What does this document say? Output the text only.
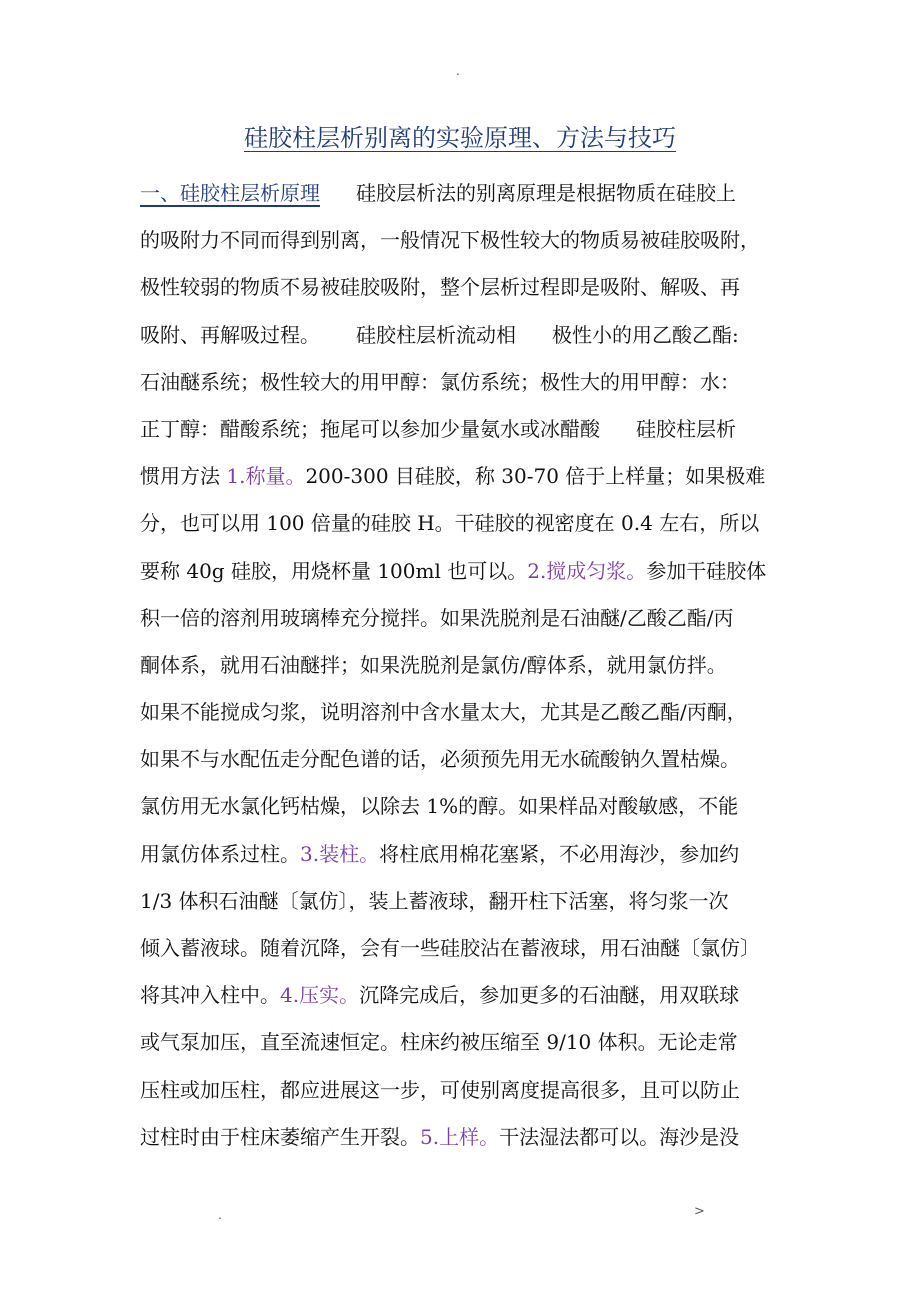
.
硅胶柱层析别离的实验原理、方法与技巧
一、硅胶柱层析原理 硅胶层析法的别离原理是根据物质在硅胶上
的吸附力不同而得到别离，一般情况下极性较大的物质易被硅胶吸附，
极性较弱的物质不易被硅胶吸附，整个层析过程即是吸附、解吸、再
吸附、再解吸过程。 硅胶柱层析流动相 极性小的用乙酸乙酯:
石油醚系统；极性较大的用甲醇：氯仿系统；极性大的用甲醇：水：
正丁醇：醋酸系统；拖尾可以参加少量氨水或冰醋酸 硅胶柱层析
惯用方法 1.称量。200-300 目硅胶，称 30-70 倍于上样量；如果极难
分，也可以用 100 倍量的硅胶 H。干硅胶的视密度在 0.4 左右，所以
要称 40g 硅胶，用烧杯量 100ml 也可以。2.搅成匀浆。参加干硅胶体
积一倍的溶剂用玻璃棒充分搅拌。如果洗脱剂是石油醚/乙酸乙酯/丙
酮体系，就用石油醚拌；如果洗脱剂是氯仿/醇体系，就用氯仿拌。
如果不能搅成匀浆，说明溶剂中含水量太大，尤其是乙酸乙酯/丙酮，
如果不与水配伍走分配色谱的话，必须预先用无水硫酸钠久置枯燥。
氯仿用无水氯化钙枯燥，以除去 1%的醇。如果样品对酸敏感，不能
用氯仿体系过柱。3.装柱。将柱底用棉花塞紧，不必用海沙，参加约
1/3 体积石油醚〔氯仿〕，装上蓄液球，翻开柱下活塞，将匀浆一次
倾入蓄液球。随着沉降，会有一些硅胶沾在蓄液球，用石油醚〔氯仿〕
将其冲入柱中。4.压实。沉降完成后，参加更多的石油醚，用双联球
或气泵加压，直至流速恒定。柱床约被压缩至 9/10 体积。无论走常
压柱或加压柱，都应进展这一步，可使别离度提高很多，且可以防止
过柱时由于柱床萎缩产生开裂。5.上样。干法湿法都可以。海沙是没
.	>
